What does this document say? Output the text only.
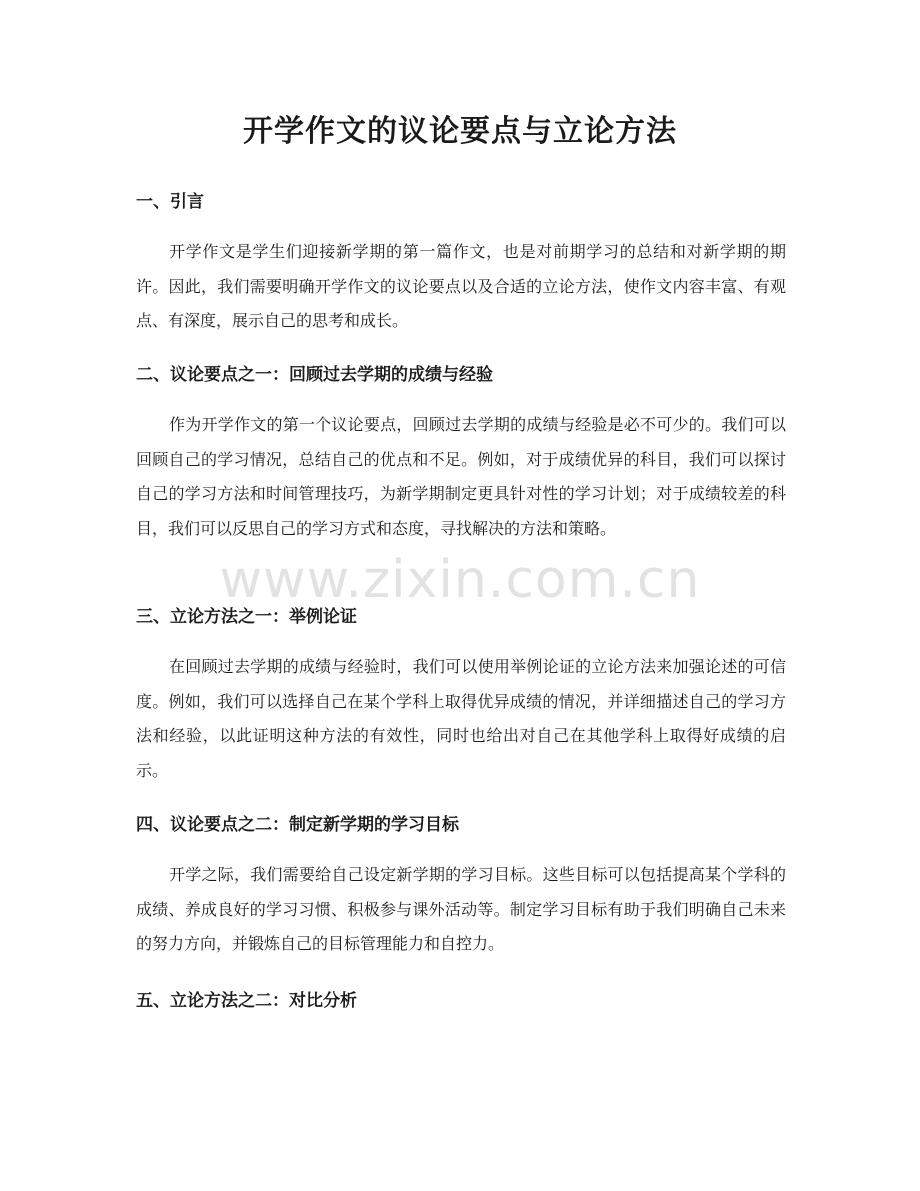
开学作文的议论要点与立论方法
一、引言

开学作文是学生们迎接新学期的第一篇作文，也是对前期学习的总结和对新学期的期许。因此，我们需要明确开学作文的议论要点以及合适的立论方法，使作文内容丰富、有观点、有深度，展示自己的思考和成长。

二、议论要点之一：回顾过去学期的成绩与经验

作为开学作文的第一个议论要点，回顾过去学期的成绩与经验是必不可少的。我们可以回顾自己的学习情况，总结自己的优点和不足。例如，对于成绩优异的科目，我们可以探讨自己的学习方法和时间管理技巧，为新学期制定更具针对性的学习计划；对于成绩较差的科目，我们可以反思自己的学习方式和态度，寻找解决的方法和策略。

三、立论方法之一：举例论证

在回顾过去学期的成绩与经验时，我们可以使用举例论证的立论方法来加强论述的可信度。例如，我们可以选择自己在某个学科上取得优异成绩的情况，并详细描述自己的学习方法和经验，以此证明这种方法的有效性，同时也给出对自己在其他学科上取得好成绩的启示。

四、议论要点之二：制定新学期的学习目标

开学之际，我们需要给自己设定新学期的学习目标。这些目标可以包括提高某个学科的成绩、养成良好的学习习惯、积极参与课外活动等。制定学习目标有助于我们明确自己未来的努力方向，并锻炼自己的目标管理能力和自控力。

五、立论方法之二：对比分析
www.zixin.com.cn
